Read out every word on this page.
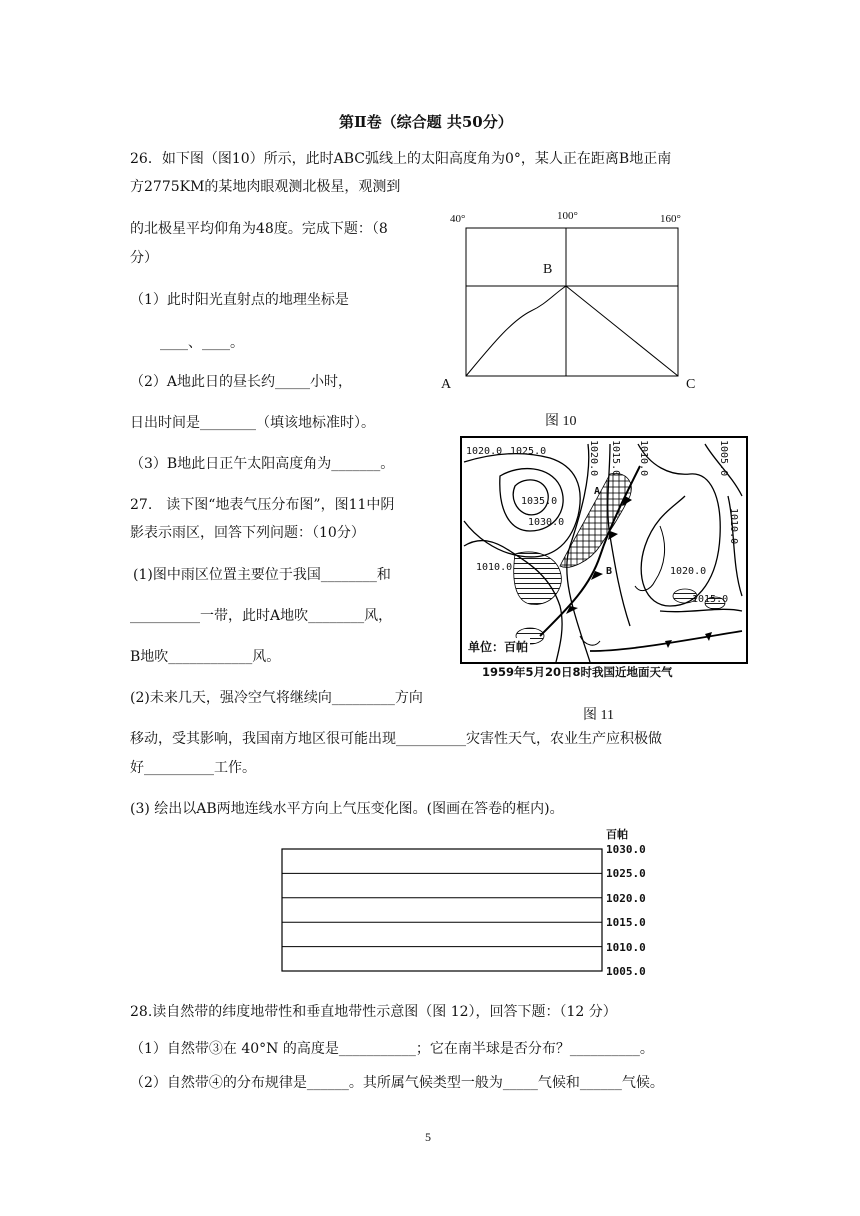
第Ⅱ卷（综合题 共50分）
26．如下图（图10）所示，此时ABC弧线上的太阳高度角为0°，某人正在距离B地正南
方2775KM的某地肉眼观测北极星，观测到
的北极星平均仰角为48度。完成下题：（8
分）
（1）此时阳光直射点的地理坐标是
____、____。
（2）A地此日的昼长约_____小时，
日出时间是________（填该地标准时）。
（3）B地此日正午太阳高度角为_______。
40°	100°	160°
B
A	C
图 10
27.　读下图“地表气压分布图”，图11中阴
影表示雨区，回答下列问题：（10分）
(1)图中雨区位置主要位于我国________和
__________一带，此时A地吹________风，
B地吹____________风。
(2)未来几天，强冷空气将继续向_________方向
移动，受其影响，我国南方地区很可能出现__________灾害性天气，农业生产应积极做
好__________工作。
(3) 绘出以AB两地连线水平方向上气压变化图。(图画在答卷的框内)。
1020.0 1025.0	1020.0 1015.0 1010.0	1005.0
1035.0
1030.0	1010.0
1010.0	1020.0
1015.0
A
B
单位：百帕
1959年5月20日8时我国近地面天气
图 11
百帕
1030.0
1025.0
1020.0
1015.0
1010.0
1005.0
28.读自然带的纬度地带性和垂直地带性示意图（图 12），回答下题：（12 分）
（1）自然带③在 40°N 的高度是___________；它在南半球是否分布？__________。
（2）自然带④的分布规律是______。其所属气候类型一般为_____气候和______气候。
5
